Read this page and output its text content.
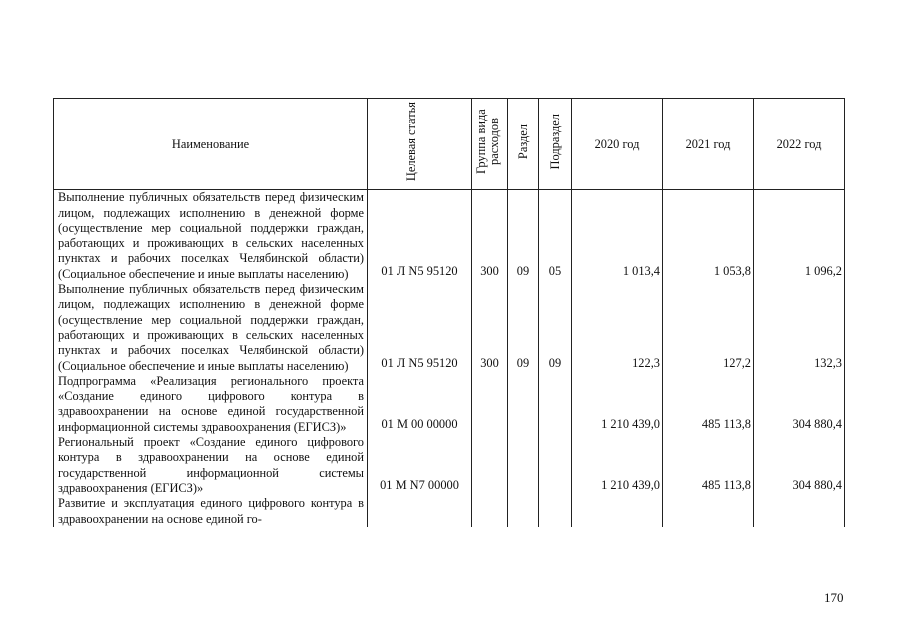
Наименование	Целевая статья	Группа вида расходов	Раздел	Подраздел	2020 год	2021 год	2022 год
Выполнение публичных обязательств перед физическим лицом, подлежащих исполнению в денежной форме (осуществление мер социальной поддержки граждан, работающих и проживающих в сельских населенных пунктах и рабочих поселках Челябинской области) (Социальное обеспечение и иные выплаты населению)	01 Л N5 95120	300	09	05	1 013,4	1 053,8	1 096,2
Выполнение публичных обязательств перед физическим лицом, подлежащих исполнению в денежной форме (осуществление мер социальной поддержки граждан, работающих и проживающих в сельских населенных пунктах и рабочих поселках Челябинской области) (Социальное обеспечение и иные выплаты населению)	01 Л N5 95120	300	09	09	122,3	127,2	132,3
Подпрограмма «Реализация регионального проекта «Создание единого цифрового контура в здравоохранении на основе единой государственной информационной системы здравоохранения (ЕГИСЗ)»	01 М 00 00000				1 210 439,0	485 113,8	304 880,4
Региональный проект «Создание единого цифрового контура в здравоохранении на основе единой государственной информационной системы здравоохранения (ЕГИСЗ)»	01 М N7 00000				1 210 439,0	485 113,8	304 880,4
Развитие и эксплуатация единого цифрового контура в здравоохранении на основе единой го-							
170
